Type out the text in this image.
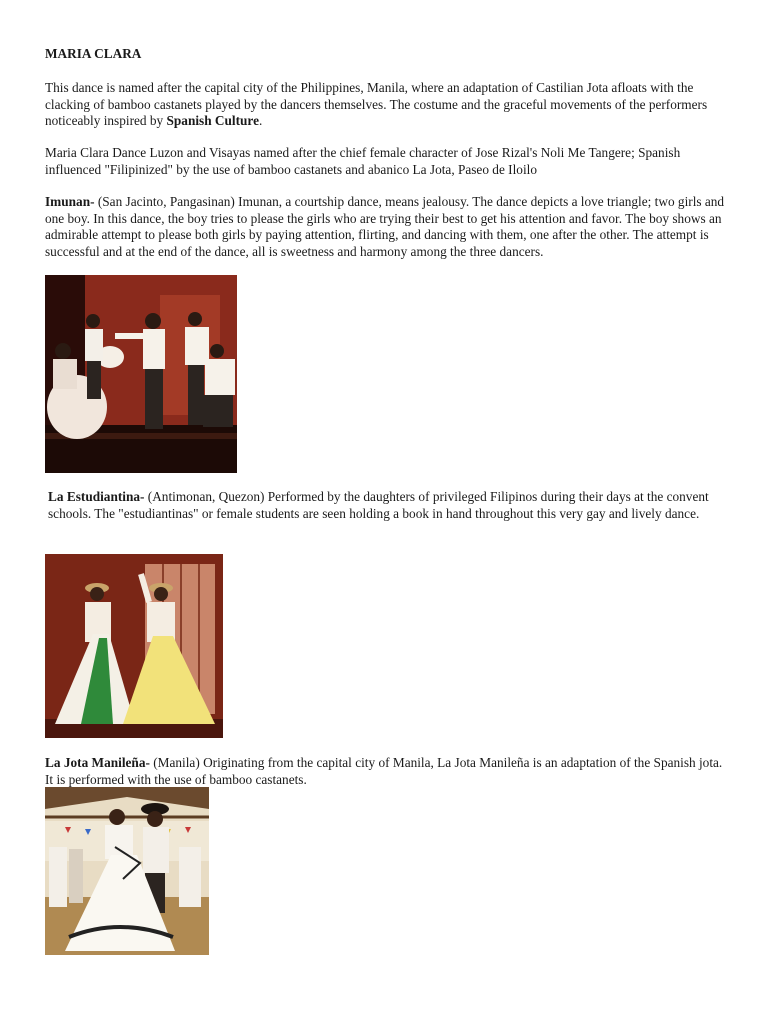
MARIA CLARA

This dance is named after the capital city of the Philippines, Manila, where an adaptation of Castilian Jota afloats with the clacking of bamboo castanets played by the dancers themselves. The costume and the graceful movements of the performers noticeably inspired by Spanish Culture.

Maria Clara Dance Luzon and Visayas named after the chief female character of Jose Rizal's Noli Me Tangere; Spanish influenced "Filipinized" by the use of bamboo castanets and abanico La Jota, Paseo de Iloilo

Imunan- (San Jacinto, Pangasinan) Imunan, a courtship dance, means jealousy. The dance depicts a love triangle; two girls and one boy. In this dance, the boy tries to please the girls who are trying their best to get his attention and favor. The boy shows an admirable attempt to please both girls by paying attention, flirting, and dancing with them, one after the other. The attempt is successful and at the end of the dance, all is sweetness and harmony among the three dancers.

La Estudiantina- (Antimonan, Quezon) Performed by the daughters of privileged Filipinos during their days at the convent schools. The "estudiantinas" or female students are seen holding a book in hand throughout this very gay and lively dance.

La Jota Manileña- (Manila) Originating from the capital city of Manila, La Jota Manileña is an adaptation of the Spanish jota. It is performed with the use of bamboo castanets.
